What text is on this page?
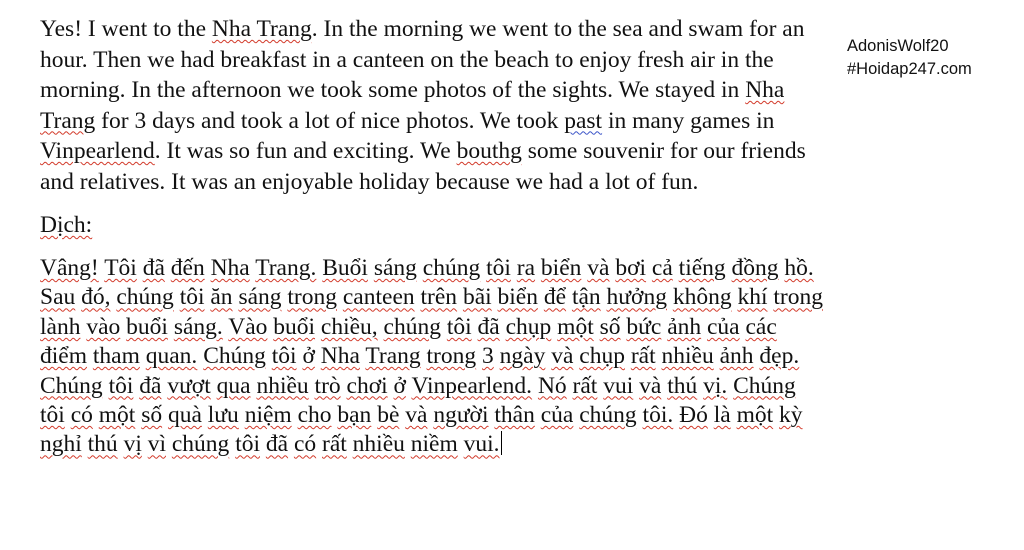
Yes! I went to the Nha Trang. In the morning we went to the sea and swam for an
hour. Then we had breakfast in a canteen on the beach to enjoy fresh air in the
morning. In the afternoon we took some photos of the sights. We stayed in Nha
Trang for 3 days and took a lot of nice photos. We took past in many games in
Vinpearlend. It was so fun and exciting. We bouthg some souvenir for our friends
and relatives. It was an enjoyable holiday because we had a lot of fun.

Dịch:

Vâng! Tôi đã đến Nha Trang. Buổi sáng chúng tôi ra biển và bơi cả tiếng đồng hồ.
Sau đó, chúng tôi ăn sáng trong canteen trên bãi biển để tận hưởng không khí trong
lành vào buổi sáng. Vào buổi chiều, chúng tôi đã chụp một số bức ảnh của các
điểm tham quan. Chúng tôi ở Nha Trang trong 3 ngày và chụp rất nhiều ảnh đẹp.
Chúng tôi đã vượt qua nhiều trò chơi ở Vinpearlend. Nó rất vui và thú vị. Chúng
tôi có một số quà lưu niệm cho bạn bè và người thân của chúng tôi. Đó là một kỳ
nghỉ thú vị vì chúng tôi đã có rất nhiều niềm vui.

AdonisWolf20
#Hoidap247.com
